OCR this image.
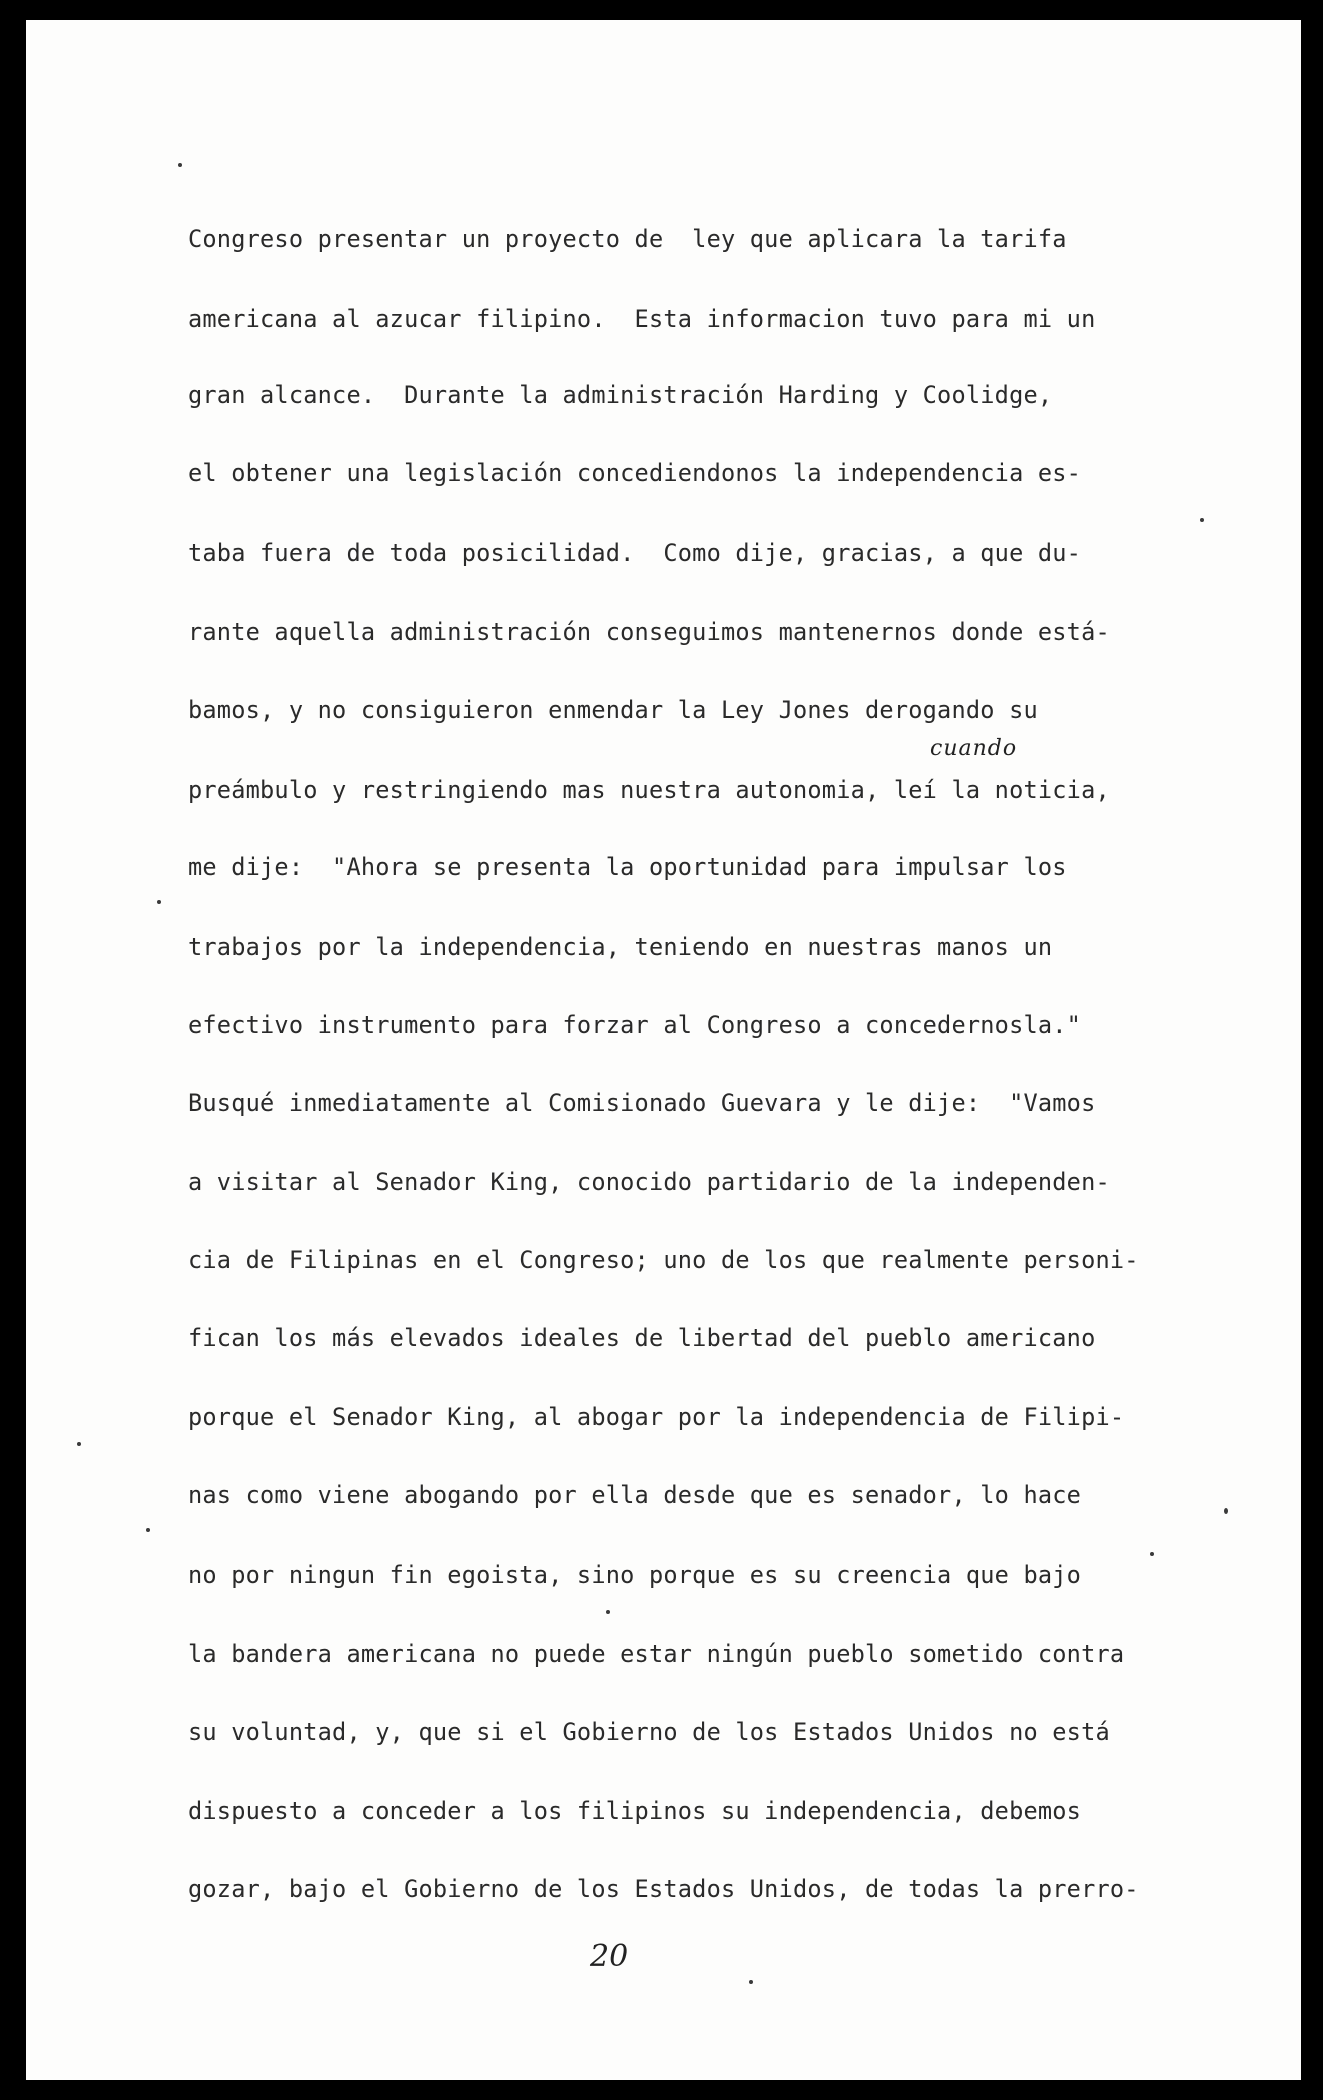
Congreso presentar un proyecto de  ley que aplicara la tarifa
americana al azucar filipino.  Esta informacion tuvo para mi un
gran alcance.  Durante la administración Harding y Coolidge,
el obtener una legislación concediendonos la independencia es-
taba fuera de toda posicilidad.  Como dije, gracias, a que du-
rante aquella administración conseguimos mantenernos donde está-
bamos, y no consiguieron enmendar la Ley Jones derogando su
preámbulo y restringiendo mas nuestra autonomia, leí la noticia,
me dije:  "Ahora se presenta la oportunidad para impulsar los
trabajos por la independencia, teniendo en nuestras manos un
efectivo instrumento para forzar al Congreso a concedernosla."
Busqué inmediatamente al Comisionado Guevara y le dije:  "Vamos
a visitar al Senador King, conocido partidario de la independen-
cia de Filipinas en el Congreso; uno de los que realmente personi-
fican los más elevados ideales de libertad del pueblo americano
porque el Senador King, al abogar por la independencia de Filipi-
nas como viene abogando por ella desde que es senador, lo hace
no por ningun fin egoista, sino porque es su creencia que bajo
la bandera americana no puede estar ningún pueblo sometido contra
su voluntad, y, que si el Gobierno de los Estados Unidos no está
dispuesto a conceder a los filipinos su independencia, debemos
gozar, bajo el Gobierno de los Estados Unidos, de todas la prerro-
cuando
20
